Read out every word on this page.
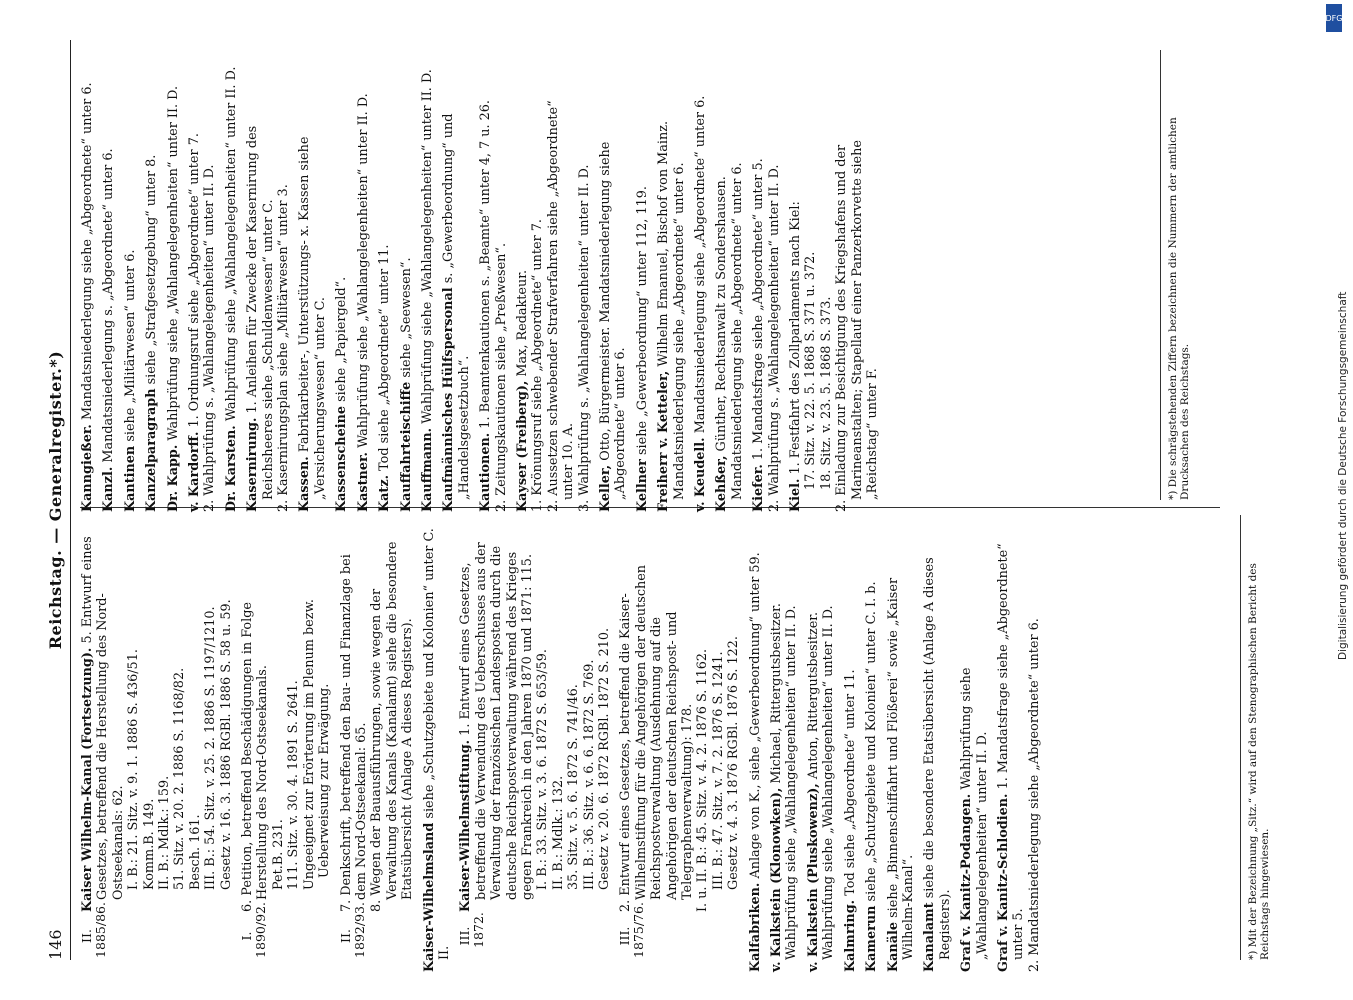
146
Reichstag. — Generalregister.*)
II.
1885/86.Kaiser Wilhelm-Kanal (Fortsetzung). 5. Entwurf eines Gesetzes, betreffend die Herstellung des Nord-Ostseekanals: 62. I. B.: 21. Sitz. v. 9. 1. 1886 S. 436/51. Komm.B. 149. II. B.: Mdlk.: 159. 51. Sitz. v. 20. 2. 1886 S. 1168/82. Besch. 161. III. B.: 54. Sitz. v. 25. 2. 1886 S. 1197/1210. Gesetz v. 16. 3. 1886 RGBl. 1886 S. 58 u. 59.
I.
1890/92.
6. Petition, betreffend Beschädigungen in Folge Herstellung des Nord-Ostseekanals. Pet.B. 231. 111. Sitz. v. 30. 4. 1891 S. 2641. Ungeeignet zur Erörterung im Plenum bezw. Ueberweisung zur Erwägung.
II.
1892/93.
7. Denkschrift, betreffend den Bau- und Finanzlage bei dem Nord-Ostseekanal: 65. 8. Wegen der Bauausführungen, sowie wegen der Verwaltung des Kanals (Kanalamt) siehe die besondere Etatsübersicht (Anlage A dieses Registers). Kaiser-Wilhelmsland siehe „Schutzgebiete und Kolonien“ unter C. II.
III.
1872.Kaiser-Wilhelmstiftung. 1. Entwurf eines Gesetzes, betreffend die Verwendung des Ueberschusses aus der Verwaltung der französischen Landesposten durch die deutsche Reichspostverwaltung während des Krieges gegen Frankreich in den Jahren 1870 und 1871: 115. I. B.: 33. Sitz. v. 3. 6. 1872 S. 653/59. II. B.: Mdlk.: 132. 35. Sitz. v. 5. 6. 1872 S. 741/46. III. B.: 36. Sitz. v. 6. 6. 1872 S. 769. Gesetz v. 20. 6. 1872 RGBl. 1872 S. 210.
III.
1875/76.
2. Entwurf eines Gesetzes, betreffend die Kaiser-Wilhelmstiftung für die Angehörigen der deutschen Reichspostverwaltung (Ausdehnung auf die Angehörigen der deutschen Reichspost- und Telegraphenverwaltung): 178. I. u. II. B.: 45. Sitz. v. 4. 2. 1876 S. 1162. III. B.: 47. Sitz. v. 7. 2. 1876 S. 1241. Gesetz v. 4. 3. 1876 RGBl. 1876 S. 122.
Kalfabriken. Anlage von K., siehe „Gewerbeordnung“ unter 59.
v. Kalkstein (Klonowken), Michael, Rittergutsbesitzer. Wahlprüfung siehe „Wahlangelegenheiten“ unter II. D. v. Kalkstein (Pluskowenz), Anton, Rittergutsbesitzer. Wahlprüfung siehe „Wahlangelegenheiten“ unter II. D. Kalmring. Tod siehe „Abgeordnete“ unter 11.
Kamerun siehe „Schutzgebiete und Kolonien“ unter C. I. b.
Kanäle siehe „Binnenschiffahrt und Flößerei“ sowie „Kaiser Wilhelm-Kanal“. Kanalamt siehe die besondere Etatsübersicht (Anlage A dieses Registers). Graf v. Kanitz-Podangen. Wahlprüfung siehe „Wahlangelegenheiten“ unter II. D. Graf v. Kanitz-Schlodien. 1. Mandatsfrage siehe „Abgeordnete“ unter 5. 2. Mandatsniederlegung siehe „Abgeordnete“ unter 6.
Kanngießer. Mandatsniederlegung siehe „Abgeordnete“ unter 6.
Kanzl. Mandatsniederlegung s. „Abgeordnete“ unter 6.
Kantinen siehe „Militärwesen“ unter 6.
Kanzelparagraph siehe „Strafgesetzgebung“ unter 8.
Dr. Kapp. Wahlprüfung siehe „Wahlangelegenheiten“ unter II. D.
v. Kardorff. 1. Ordnungsruf siehe „Abgeordnete“ unter 7. 2. Wahlprüfung s. „Wahlangelegenheiten“ unter II. D. Dr. Karsten. Wahlprüfung siehe „Wahlangelegenheiten“ unter II. D.
Kasernirung. 1. Anleihen für Zwecke der Kasernirung des Reichsheeres siehe „Schuldenwesen“ unter C. 2. Kasernirungsplan siehe „Militärwesen“ unter 3. Kassen. Fabrikarbeiter-, Unterstützungs- x. Kassen siehe „Versicherungswesen“ unter C. Kassenscheine siehe „Papiergeld“.
Kastner. Wahlprüfung siehe „Wahlangelegenheiten“ unter II. D.
Katz. Tod siehe „Abgeordnete“ unter 11. Kauffahrteischiffe siehe „Seewesen“.
Kauffmann. Wahlprüfung siehe „Wahlangelegenheiten“ unter II. D. Kaufmännisches Hülfspersonal s. „Gewerbeordnung“ und „Handelsgesetzbuch“. Kautionen. 1. Beamtenkautionen s. „Beamte“ unter 4, 7 u. 26. 2. Zeitungskautionen siehe „Preßwesen“. Kayser (Freiberg), Max, Redakteur. 1. Krönungsruf siehe „Abgeordnete“ unter 7. 2. Aussetzen schwebender Strafverfahren siehe „Abgeordnete“ unter 10. A. 3. Wahlprüfung s. „Wahlangelegenheiten“ unter II. D. Keller, Otto, Bürgermeister. Mandatsniederlegung siehe „Abgeordnete“ unter 6. Kellner siehe „Gewerbeordnung“ unter 112, 119. Freiherr v. Ketteler, Wilhelm Emanuel, Bischof von Mainz. Mandatsniederlegung siehe „Abgeordnete“ unter 6. v. Keudell. Mandatsniederlegung siehe „Abgeordnete“ unter 6.
Kehßer, Günther, Rechtsanwalt zu Sondershausen. Mandatsniederlegung siehe „Abgeordnete“ unter 6. Kiefer. 1. Mandatsfrage siehe „Abgeordnete“ unter 5. 2. Wahlprüfung s. „Wahlangelegenheiten“ unter II. D. Kiel. 1. Festfahrt des Zollparlaments nach Kiel: 17. Sitz. v. 22. 5. 1868 S. 371 u. 372. 18. Sitz. v. 23. 5. 1868 S. 373. 2. Einladung zur Besichtigung des Kriegshafens und der Marineanstalten; Stapellauf einer Panzerkorvette siehe „Reichstag“ unter F.
*) Mit der Bezeichnung „Sitz.“ wird auf den Stenographischen Bericht des Reichstags hingewiesen.
*) Die schrägstehenden Ziffern bezeichnen die Nummern der amtlichen Drucksachen des Reichstags.	Digitalisierung gefördert durch die Deutsche Forschungsgemeinschaft
DFG
